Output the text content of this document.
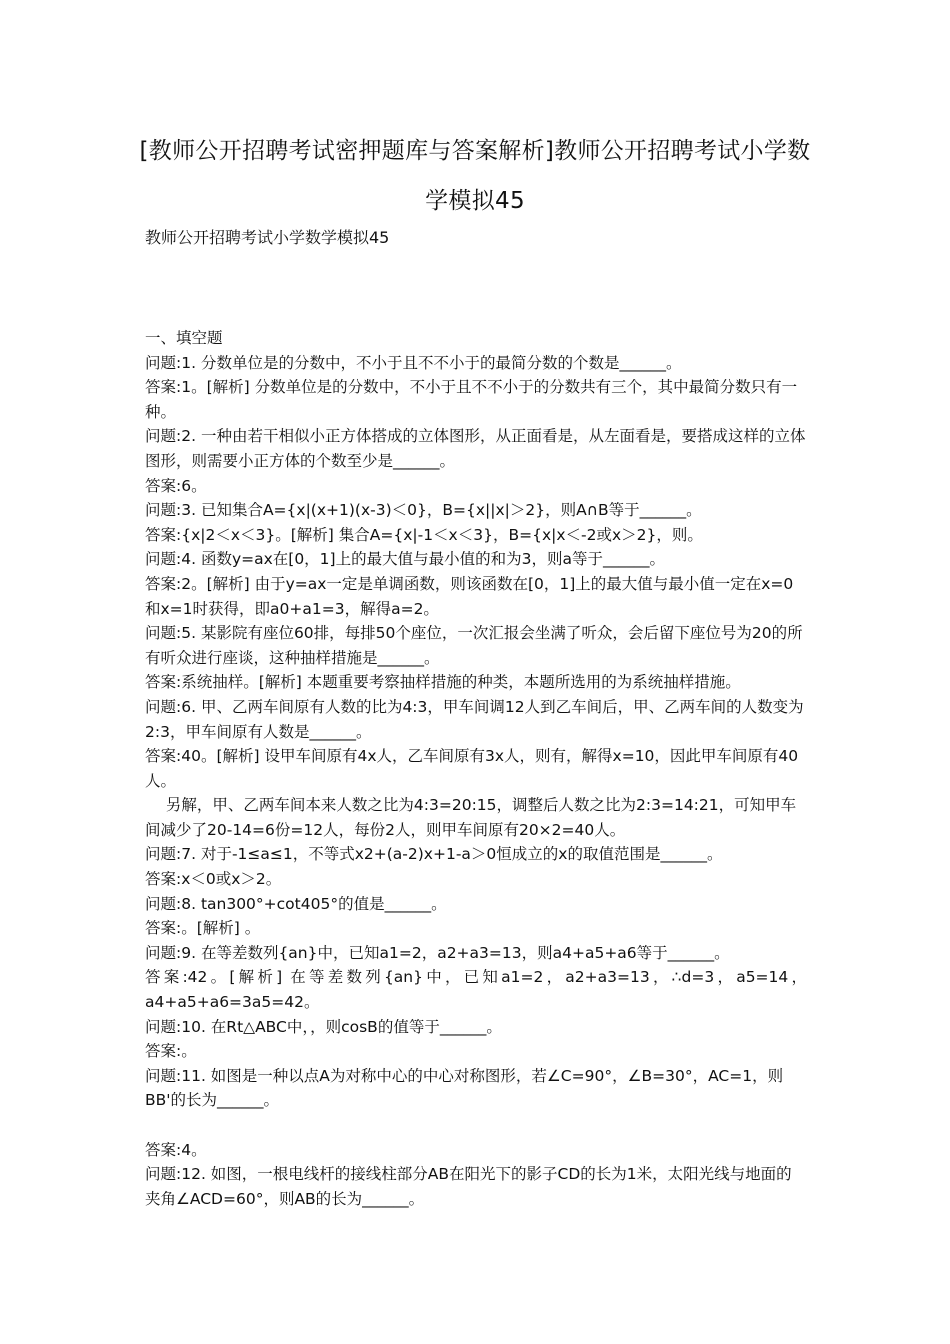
[教师公开招聘考试密押题库与答案解析]教师公开招聘考试小学数
学模拟45
教师公开招聘考试小学数学模拟45

一、填空题

问题:1. 分数单位是的分数中，不小于且不不小于的最简分数的个数是______。

答案:1。[解析] 分数单位是的分数中，不小于且不不小于的分数共有三个，其中最简分数只有一种。

问题:2. 一种由若干相似小正方体搭成的立体图形，从正面看是，从左面看是，要搭成这样的立体图形，则需要小正方体的个数至少是______。

答案:6。

问题:3. 已知集合A={x|(x+1)(x-3)＜0}，B={x||x|＞2}，则A∩B等于______。

答案:{x|2＜x＜3}。[解析] 集合A={x|-1＜x＜3}，B={x|x＜-2或x＞2}，则。

问题:4. 函数y=ax在[0，1]上的最大值与最小值的和为3，则a等于______。

答案:2。[解析] 由于y=ax一定是单调函数，则该函数在[0，1]上的最大值与最小值一定在x=0和x=1时获得，即a0+a1=3，解得a=2。

问题:5. 某影院有座位60排，每排50个座位，一次汇报会坐满了听众，会后留下座位号为20的所有听众进行座谈，这种抽样措施是______。

答案:系统抽样。[解析] 本题重要考察抽样措施的种类，本题所选用的为系统抽样措施。

问题:6. 甲、乙两车间原有人数的比为4:3，甲车间调12人到乙车间后，甲、乙两车间的人数变为2:3，甲车间原有人数是______。

答案:40。[解析] 设甲车间原有4x人，乙车间原有3x人，则有，解得x=10，因此甲车间原有40人。

另解，甲、乙两车间本来人数之比为4:3=20:15，调整后人数之比为2:3=14:21，可知甲车间减少了20-14=6份=12人，每份2人，则甲车间原有20×2=40人。

问题:7. 对于-1≤a≤1，不等式x2+(a-2)x+1-a＞0恒成立的x的取值范围是______。

答案:x＜0或x＞2。

问题:8. tan300°+cot405°的值是______。

答案:。[解析] 。

问题:9. 在等差数列{an}中，已知a1=2，a2+a3=13，则a4+a5+a6等于______。

答案:42。[解析] 在等差数列{an}中，已知a1=2，a2+a3=13，∴d=3，a5=14，a4+a5+a6=3a5=42。

问题:10. 在Rt△ABC中，，则cosB的值等于______。

答案:。

问题:11. 如图是一种以点A为对称中心的中心对称图形，若∠C=90°，∠B=30°，AC=1，则BB'的长为______。

答案:4。

问题:12. 如图，一根电线杆的接线柱部分AB在阳光下的影子CD的长为1米，太阳光线与地面的夹角∠ACD=60°，则AB的长为______。
